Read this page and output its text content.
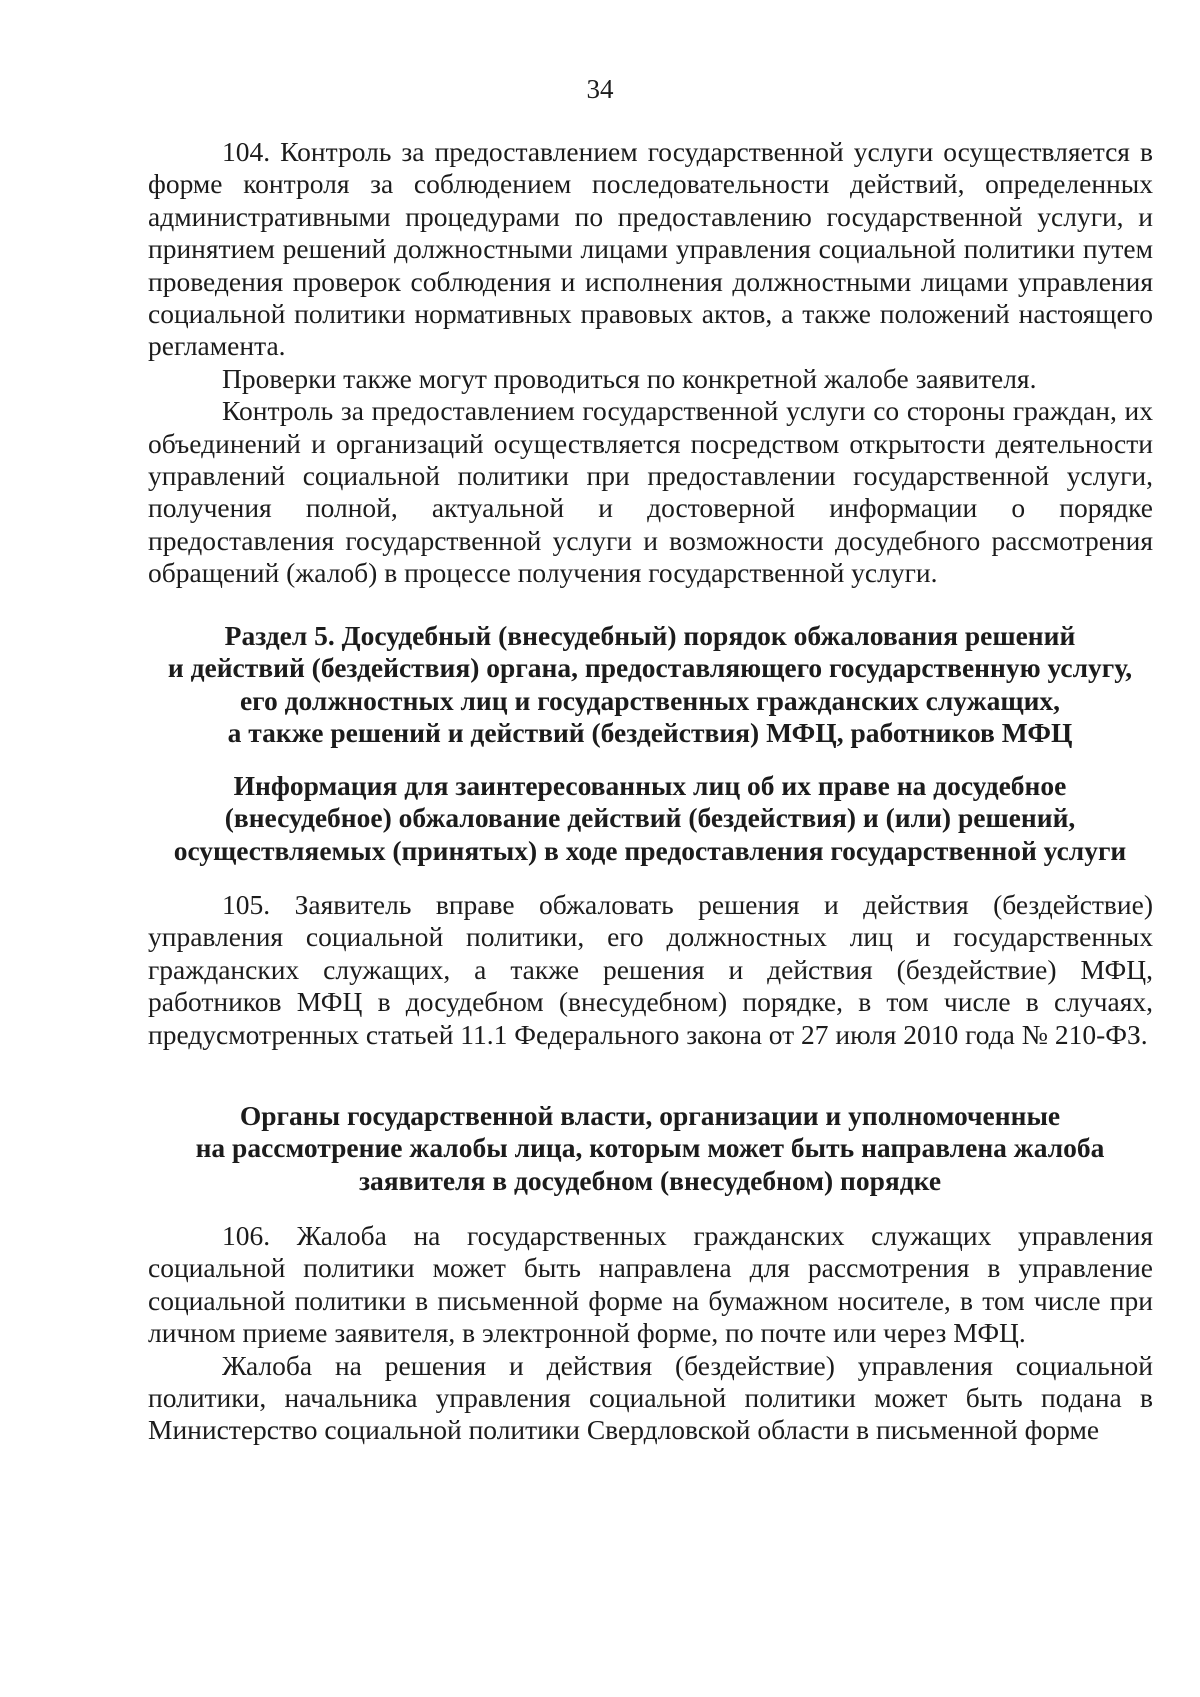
34

104. Контроль за предоставлением государственной услуги осуществляется в форме контроля за соблюдением последовательности действий, определенных административными процедурами по предоставлению государственной услуги, и принятием решений должностными лицами управления социальной политики путем проведения проверок соблюдения и исполнения должностными лицами управления социальной политики нормативных правовых актов, а также положений настоящего регламента.

Проверки также могут проводиться по конкретной жалобе заявителя.

Контроль за предоставлением государственной услуги со стороны граждан, их объединений и организаций осуществляется посредством открытости деятельности управлений социальной политики при предоставлении государственной услуги, получения полной, актуальной и достоверной информации о порядке предоставления государственной услуги и возможности досудебного рассмотрения обращений (жалоб) в процессе получения государственной услуги.

Раздел 5. Досудебный (внесудебный) порядок обжалования решений
и действий (бездействия) органа, предоставляющего государственную услугу,
его должностных лиц и государственных гражданских служащих,
а также решений и действий (бездействия) МФЦ, работников МФЦ
Информация для заинтересованных лиц об их праве на досудебное
(внесудебное) обжалование действий (бездействия) и (или) решений,
осуществляемых (принятых) в ходе предоставления государственной услуги

105. Заявитель вправе обжаловать решения и действия (бездействие) управления социальной политики, его должностных лиц и государственных гражданских служащих, а также решения и действия (бездействие) МФЦ, работников МФЦ в досудебном (внесудебном) порядке, в том числе в случаях, предусмотренных статьей 11.1 Федерального закона от 27 июля 2010 года № 210-ФЗ.

Органы государственной власти, организации и уполномоченные
на рассмотрение жалобы лица, которым может быть направлена жалоба
заявителя в досудебном (внесудебном) порядке

106. Жалоба на государственных гражданских служащих управления социальной политики может быть направлена для рассмотрения в управление социальной политики в письменной форме на бумажном носителе, в том числе при личном приеме заявителя, в электронной форме, по почте или через МФЦ.

Жалоба на решения и действия (бездействие) управления социальной политики, начальника управления социальной политики может быть подана в Министерство социальной политики Свердловской области в письменной форме
